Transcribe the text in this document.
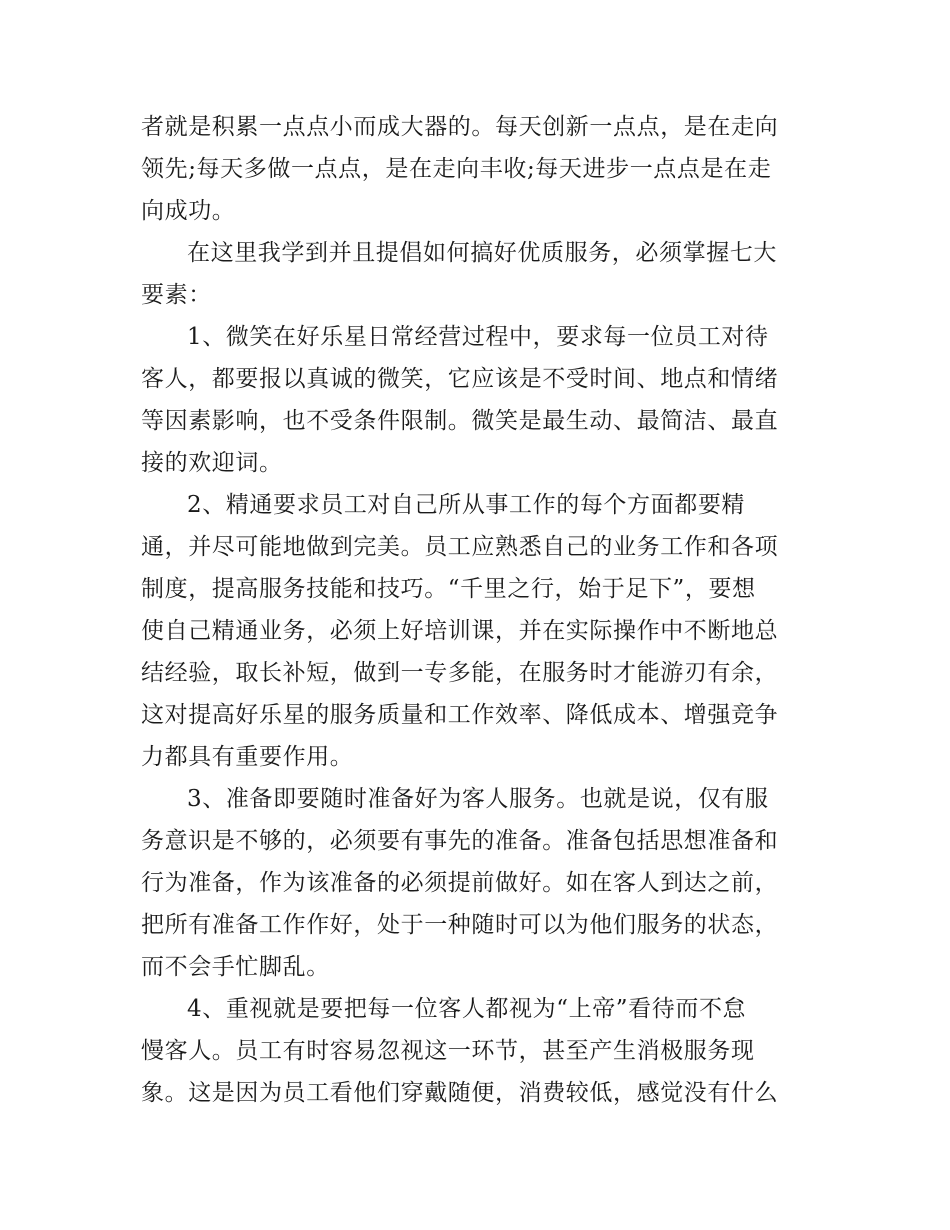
者就是积累一点点小而成大器的。每天创新一点点，是在走向
领先;每天多做一点点，是在走向丰收;每天进步一点点是在走
向成功。
在这里我学到并且提倡如何搞好优质服务，必须掌握七大
要素：
1、微笑在好乐星日常经营过程中，要求每一位员工对待
客人，都要报以真诚的微笑，它应该是不受时间、地点和情绪
等因素影响，也不受条件限制。微笑是最生动、最简洁、最直
接的欢迎词。
2、精通要求员工对自己所从事工作的每个方面都要精
通，并尽可能地做到完美。员工应熟悉自己的业务工作和各项
制度，提高服务技能和技巧。“千里之行，始于足下”，要想
使自己精通业务，必须上好培训课，并在实际操作中不断地总
结经验，取长补短，做到一专多能，在服务时才能游刃有余，
这对提高好乐星的服务质量和工作效率、降低成本、增强竞争
力都具有重要作用。
3、准备即要随时准备好为客人服务。也就是说，仅有服
务意识是不够的，必须要有事先的准备。准备包括思想准备和
行为准备，作为该准备的必须提前做好。如在客人到达之前，
把所有准备工作作好，处于一种随时可以为他们服务的状态，
而不会手忙脚乱。
4、重视就是要把每一位客人都视为“上帝”看待而不怠
慢客人。员工有时容易忽视这一环节，甚至产生消极服务现
象。这是因为员工看他们穿戴随便，消费较低，感觉没有什么
